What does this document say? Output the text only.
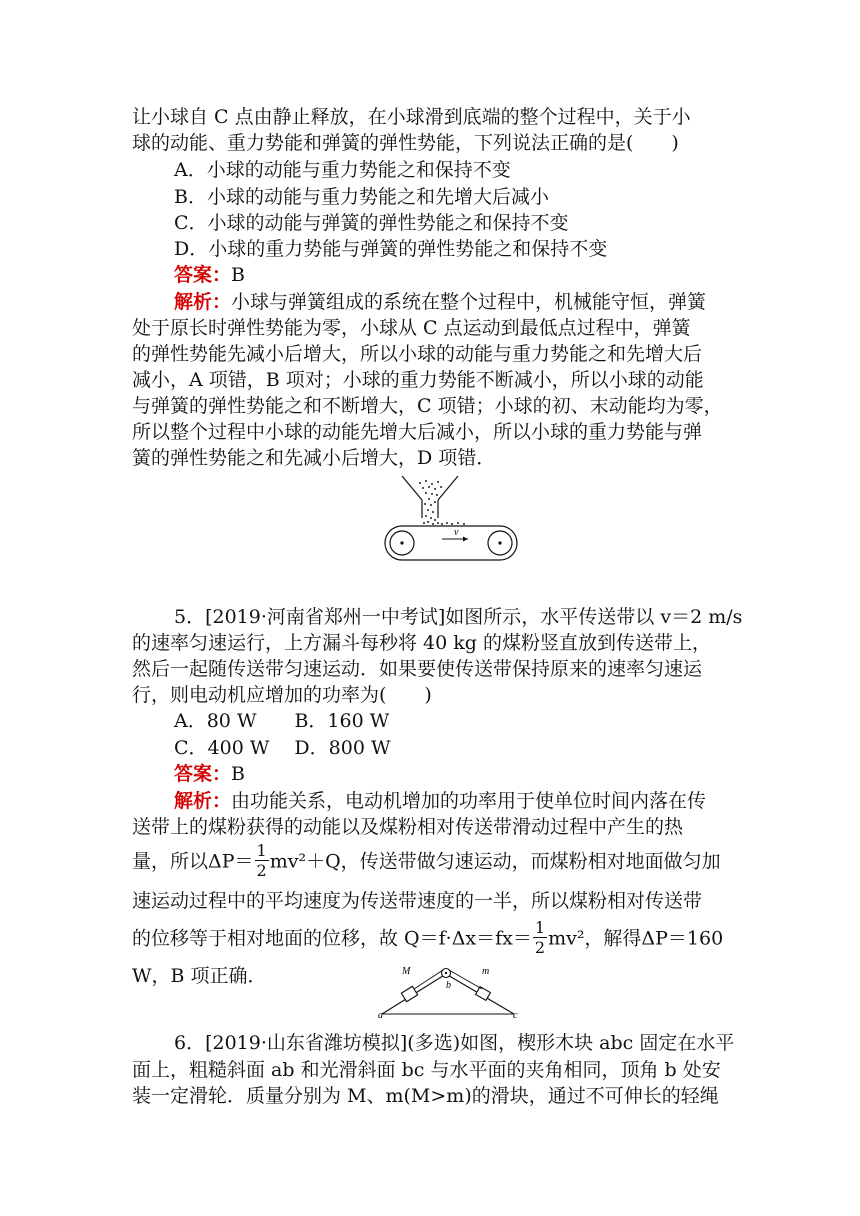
让小球自 C 点由静止释放，在小球滑到底端的整个过程中，关于小
球的动能、重力势能和弹簧的弹性势能，下列说法正确的是(　　)
A．小球的动能与重力势能之和保持不变
B．小球的动能与重力势能之和先增大后减小
C．小球的动能与弹簧的弹性势能之和保持不变
D．小球的重力势能与弹簧的弹性势能之和保持不变
答案：B
解析：小球与弹簧组成的系统在整个过程中，机械能守恒，弹簧
处于原长时弹性势能为零，小球从 C 点运动到最低点过程中，弹簧
的弹性势能先减小后增大，所以小球的动能与重力势能之和先增大后
减小，A 项错，B 项对；小球的重力势能不断减小，所以小球的动能
与弹簧的弹性势能之和不断增大，C 项错；小球的初、末动能均为零，
所以整个过程中小球的动能先增大后减小，所以小球的重力势能与弹
簧的弹性势能之和先减小后增大，D 项错．
v
5．[2019·河南省郑州一中考试]如图所示，水平传送带以 v＝2 m/s
的速率匀速运行，上方漏斗每秒将 40 kg 的煤粉竖直放到传送带上，
然后一起随传送带匀速运动．如果要使传送带保持原来的速率匀速运
行，则电动机应增加的功率为(　　)
A．80 W　　B．160 W
C．400 W　 D．800 W
答案：B
解析：由功能关系，电动机增加的功率用于使单位时间内落在传
送带上的煤粉获得的动能以及煤粉相对传送带滑动过程中产生的热
量，所以$\Delta P= \frac{1}{2} mv^2+Q$，传送带做匀速运动，而煤粉相对地面做匀加
速运动过程中的平均速度为传送带速度的一半，所以煤粉相对传送带
的位移等于相对地面的位移，故 $Q=f\cdot\Delta x=fx= \frac{1}{2} mv^2$，解得ΔP＝160
W，B 项正确．	M	m
b
a	c
6．[2019·山东省潍坊模拟](多选)如图，楔形木块 abc 固定在水平
面上，粗糙斜面 ab 和光滑斜面 bc 与水平面的夹角相同，顶角 b 处安
装一定滑轮．质量分别为 M、m(M>m)的滑块，通过不可伸长的轻绳
